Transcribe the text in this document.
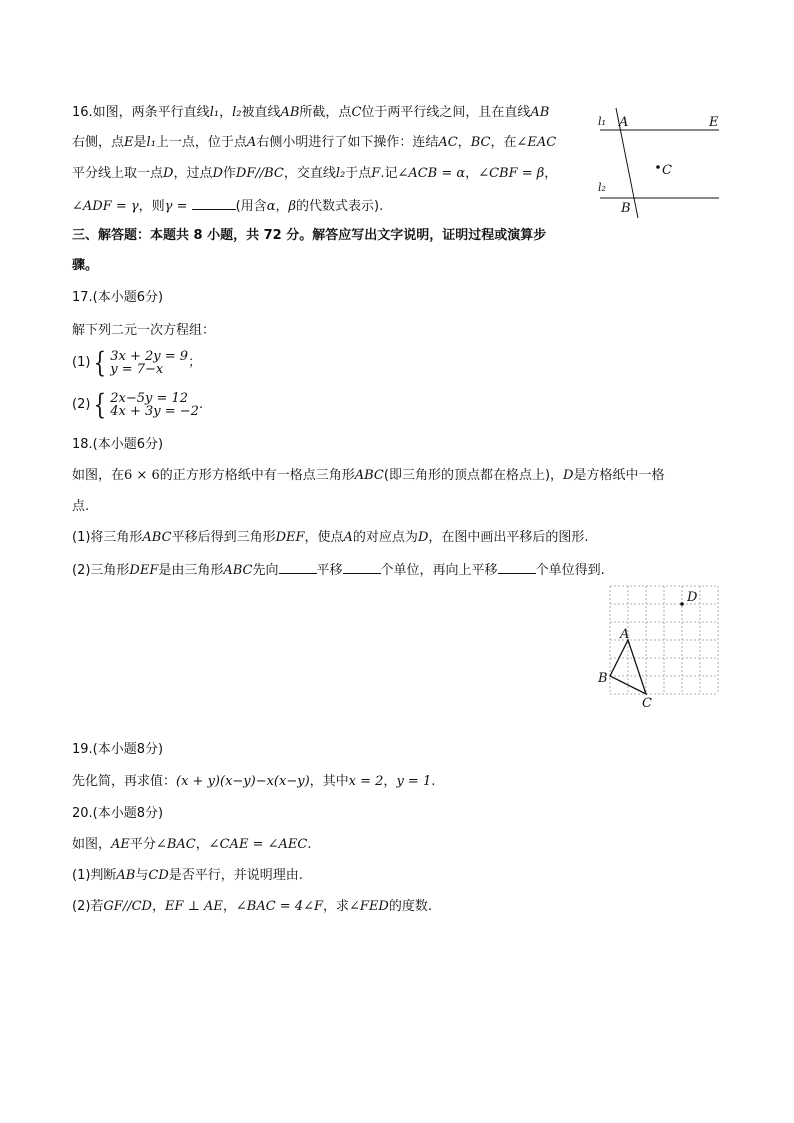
16.如图，两条平行直线l₁，l₂被直线AB所截，点C位于两平行线之间，且在直线AB
右侧，点E是l₁上一点，位于点A右侧小明进行了如下操作：连结AC，BC，在∠EAC
平分线上取一点D，过点D作DF//BC，交直线l₂于点F.记∠ACB = α，∠CBF = β，
∠ADF = γ，则γ =	(用含α，β的代数式表示).
l₁
l₂
A	E
C
B
三、解答题：本题共 8 小题，共 72 分。解答应写出文字说明，证明过程或演算步
骤。
17.(本小题6分)
解下列二元一次方程组：
(1) { 3x + 2y = 9
y = 7−x	；
(2) { 2x−5y = 12
4x + 3y = −2 .
18.(本小题6分)
如图，在6 × 6的正方形方格纸中有一格点三角形ABC(即三角形的顶点都在格点上)，D是方格纸中一格
点.
(1)将三角形ABC平移后得到三角形DEF，使点A的对应点为D，在图中画出平移后的图形.
(2)三角形DEF是由三角形ABC先向	平移	个单位，再向上平移	个单位得到.
A
B
C
D
19.(本小题8分)
先化简，再求值：(x + y)(x−y)−x(x−y)，其中x = 2，y = 1.
20.(本小题8分)
如图，AE平分∠BAC，∠CAE = ∠AEC.
(1)判断AB与CD是否平行，并说明理由.
(2)若GF//CD，EF ⊥ AE，∠BAC = 4∠F，求∠FED的度数.
